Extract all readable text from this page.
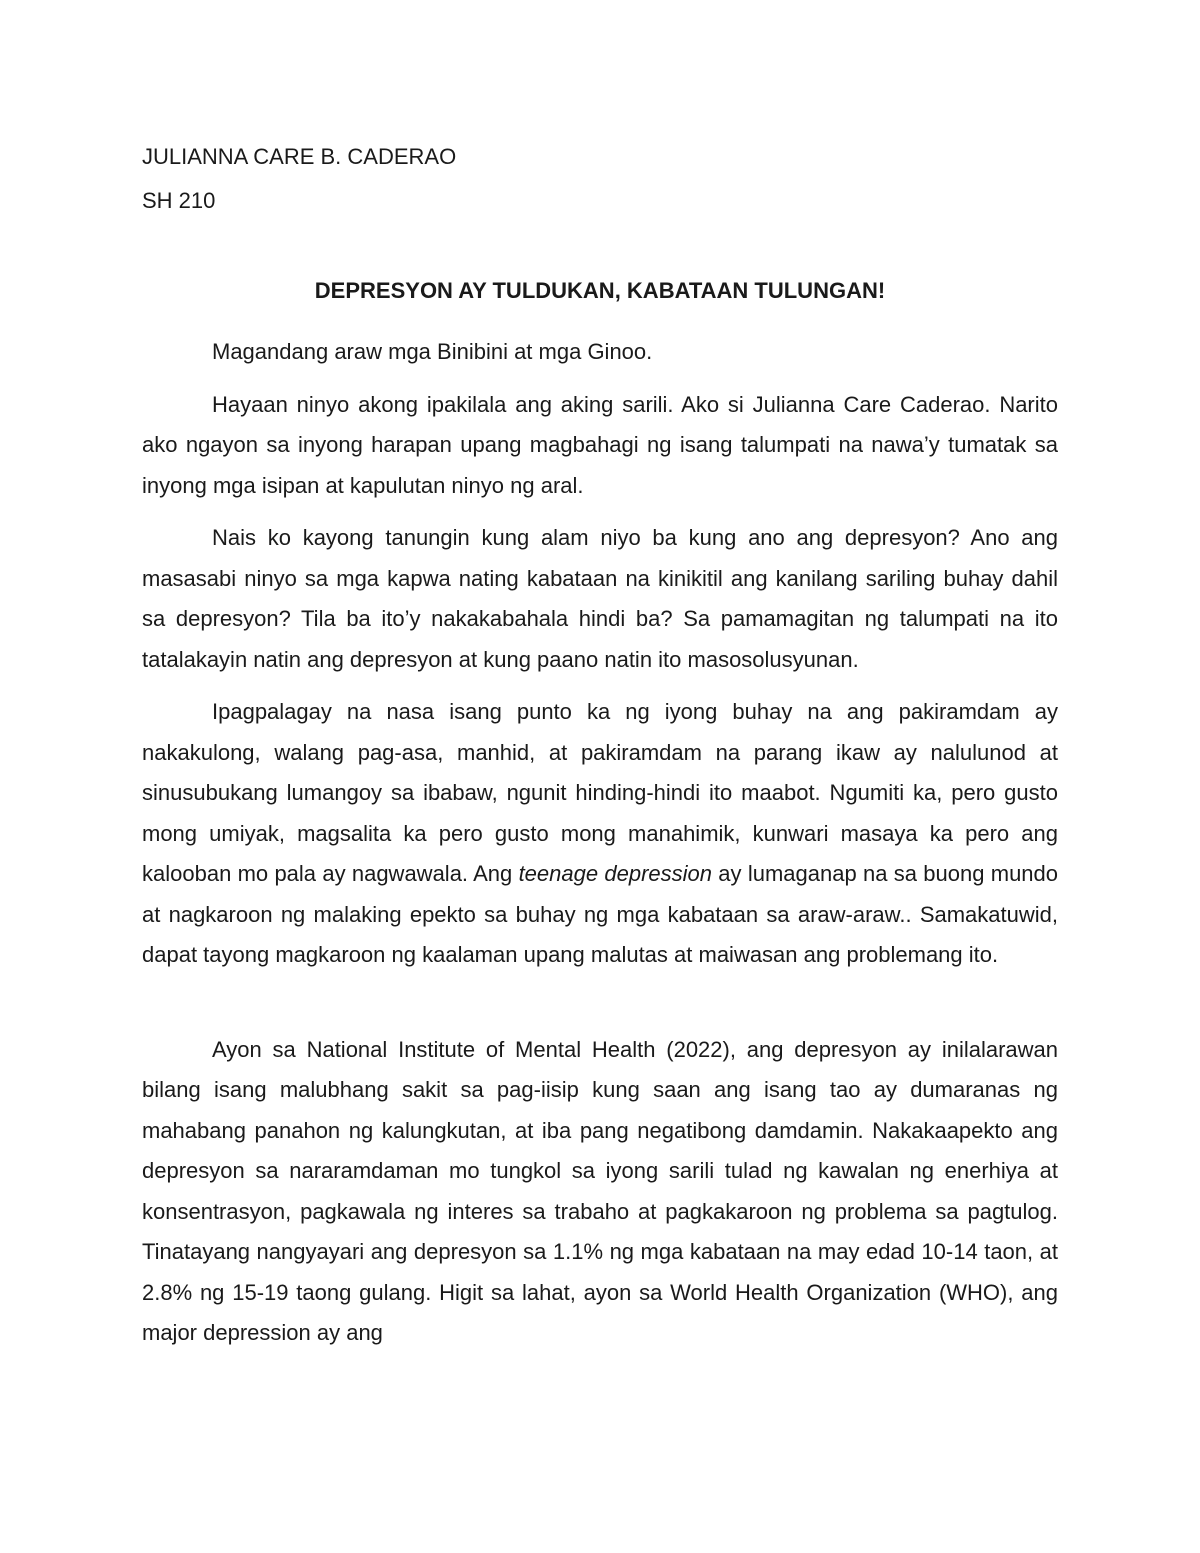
JULIANNA CARE B. CADERAO

SH 210

DEPRESYON AY TULDUKAN, KABATAAN TULUNGAN!

Magandang araw mga Binibini at mga Ginoo.

Hayaan ninyo akong ipakilala ang aking sarili. Ako si Julianna Care Caderao. Narito ako ngayon sa inyong harapan upang magbahagi ng isang talumpati na nawa’y tumatak sa inyong mga isipan at kapulutan ninyo ng aral.

Nais ko kayong tanungin kung alam niyo ba kung ano ang depresyon? Ano ang masasabi ninyo sa mga kapwa nating kabataan na kinikitil ang kanilang sariling buhay dahil sa depresyon? Tila ba ito’y nakakabahala hindi ba? Sa pamamagitan ng talumpati na ito tatalakayin natin ang depresyon at kung paano natin ito masosolusyunan.

Ipagpalagay na nasa isang punto ka ng iyong buhay na ang pakiramdam ay nakakulong, walang pag-asa, manhid, at pakiramdam na parang ikaw ay nalulunod at sinusubukang lumangoy sa ibabaw, ngunit hinding-hindi ito maabot. Ngumiti ka, pero gusto mong umiyak, magsalita ka pero gusto mong manahimik, kunwari masaya ka pero ang kalooban mo pala ay nagwawala. Ang teenage depression ay lumaganap na sa buong mundo at nagkaroon ng malaking epekto sa buhay ng mga kabataan sa araw-araw.. Samakatuwid, dapat tayong magkaroon ng kaalaman upang malutas at maiwasan ang problemang ito.

Ayon sa National Institute of Mental Health (2022), ang depresyon ay inilalarawan bilang isang malubhang sakit sa pag-iisip kung saan ang isang tao ay dumaranas ng mahabang panahon ng kalungkutan, at iba pang negatibong damdamin. Nakakaapekto ang depresyon sa nararamdaman mo tungkol sa iyong sarili tulad ng kawalan ng enerhiya at konsentrasyon, pagkawala ng interes sa trabaho at pagkakaroon ng problema sa pagtulog. Tinatayang nangyayari ang depresyon sa 1.1% ng mga kabataan na may edad 10-14 taon, at 2.8% ng 15-19 taong gulang. Higit sa lahat, ayon sa World Health Organization (WHO), ang major depression ay ang
